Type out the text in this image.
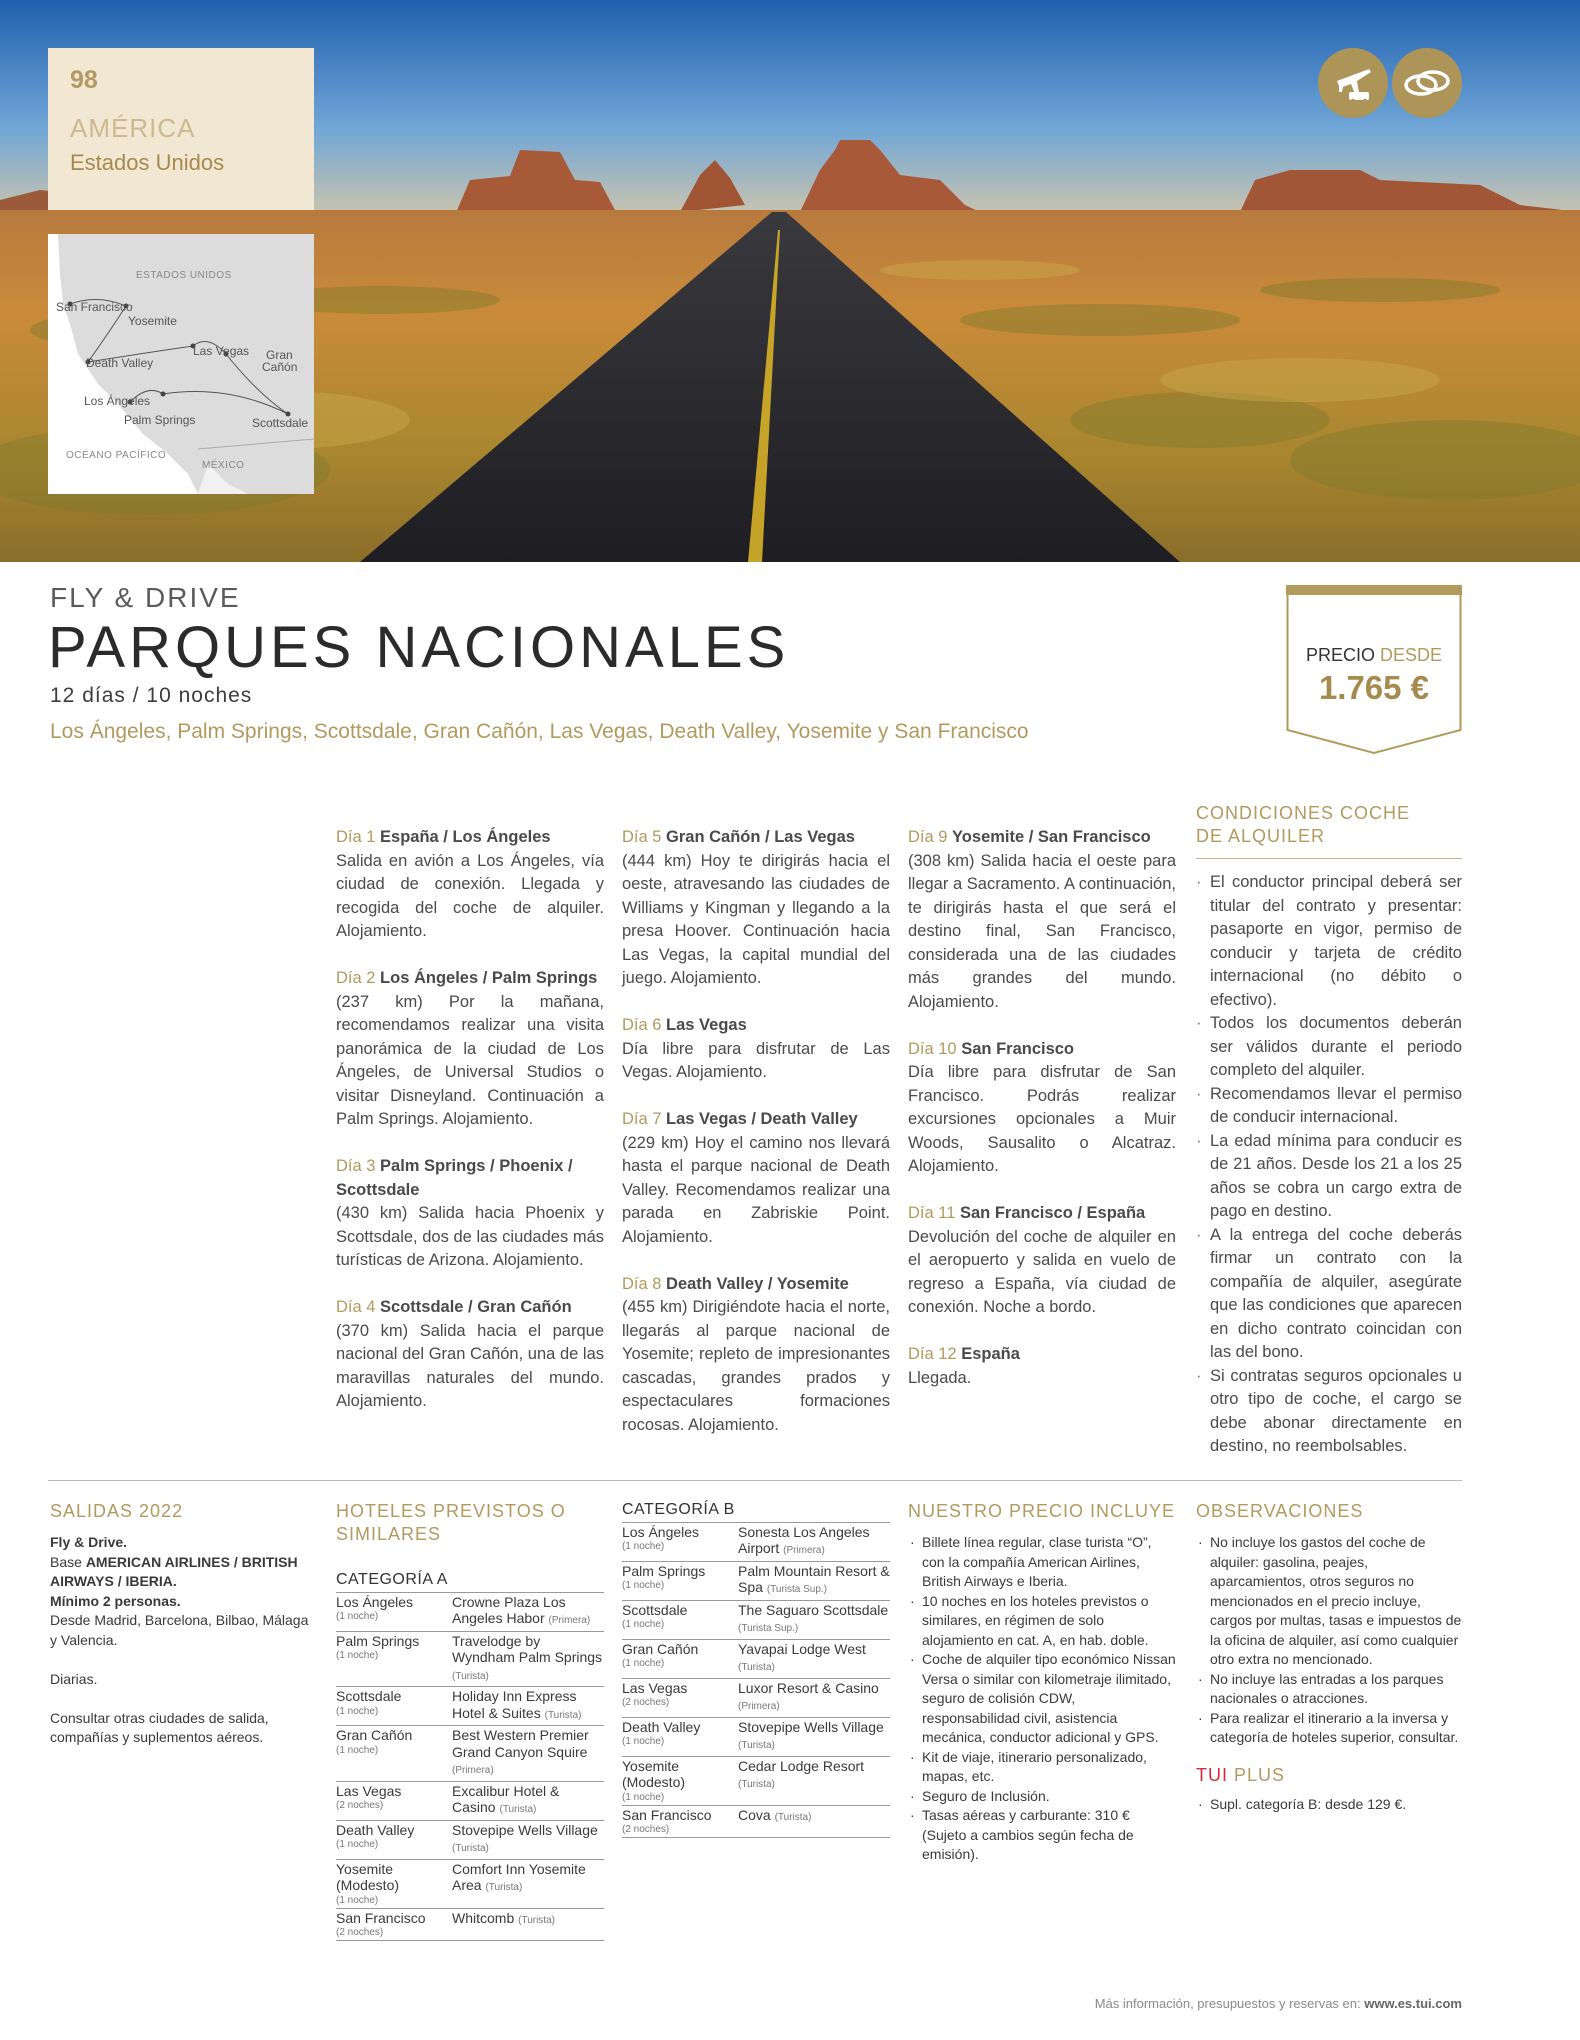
98
AMÉRICA
Estados Unidos
ESTADOS UNIDOS
San Francisco
Yosemite
Las Vegas Gran
Cañón
Death Valley
Los Ángeles
Palm Springs	Scottsdale
OCÉANO PACÍFICO
MÉXICO
FLY & DRIVE
PARQUES NACIONALES
12 días / 10 noches
Los Ángeles, Palm Springs, Scottsdale, Gran Cañón, Las Vegas, Death Valley, Yosemite y San Francisco
PRECIO DESDE
1.765 €
Día 1 España / Los Ángeles
Salida en avión a Los Ángeles, vía ciudad de conexión. Llegada y recogida del coche de alquiler. Alojamiento.
Día 2 Los Ángeles / Palm Springs
(237 km) Por la mañana, recomendamos realizar una visita panorámica de la ciudad de Los Ángeles, de Universal Studios o visitar Disneyland. Continuación a Palm Springs. Alojamiento.
Día 3 Palm Springs / Phoenix / Scottsdale
(430 km) Salida hacia Phoenix y Scottsdale, dos de las ciudades más turísticas de Arizona. Alojamiento.
Día 4 Scottsdale / Gran Cañón
(370 km) Salida hacia el parque nacional del Gran Cañón, una de las maravillas naturales del mundo. Alojamiento.
Día 5 Gran Cañón / Las Vegas
(444 km) Hoy te dirigirás hacia el oeste, atravesando las ciudades de Williams y Kingman y llegando a la presa Hoover. Continuación hacia Las Vegas, la capital mundial del juego. Alojamiento.
Día 6 Las Vegas
Día libre para disfrutar de Las Vegas. Alojamiento.
Día 7 Las Vegas / Death Valley
(229 km) Hoy el camino nos llevará hasta el parque nacional de Death Valley. Recomendamos realizar una parada en Zabriskie Point. Alojamiento.
Día 8 Death Valley / Yosemite
(455 km) Dirigiéndote hacia el norte, llegarás al parque nacional de Yosemite; repleto de impresionantes cascadas, grandes prados y espectaculares formaciones rocosas. Alojamiento.
Día 9 Yosemite / San Francisco
(308 km) Salida hacia el oeste para llegar a Sacramento. A continuación, te dirigirás hasta el que será el destino final, San Francisco, considerada una de las ciudades más grandes del mundo. Alojamiento.
Día 10 San Francisco
Día libre para disfrutar de San Francisco. Podrás realizar excursiones opcionales a Muir Woods, Sausalito o Alcatraz. Alojamiento.
Día 11 San Francisco / España
Devolución del coche de alquiler en el aeropuerto y salida en vuelo de regreso a España, vía ciudad de conexión. Noche a bordo.
Día 12 España
Llegada.
CONDICIONES COCHE
DE ALQUILER
· El conductor principal deberá ser titular del contrato y presentar: pasaporte en vigor, permiso de conducir y tarjeta de crédito internacional (no débito o efectivo).
· Todos los documentos deberán ser válidos durante el periodo completo del alquiler.
· Recomendamos llevar el permiso de conducir internacional.
· La edad mínima para conducir es de 21 años. Desde los 21 a los 25 años se cobra un cargo extra de pago en destino.
· A la entrega del coche deberás firmar un contrato con la compañía de alquiler, asegúrate que las condiciones que aparecen en dicho contrato coincidan con las del bono.
· Si contratas seguros opcionales u otro tipo de coche, el cargo se debe abonar directamente en destino, no reembolsables.
SALIDAS 2022

Fly & Drive.

Base AMERICAN AIRLINES / BRITISH AIRWAYS / IBERIA.

Mínimo 2 personas.

Desde Madrid, Barcelona, Bilbao, Málaga y Valencia.

Diarias.

Consultar otras ciudades de salida, compañías y suplementos aéreos.

HOTELES PREVISTOS O
SIMILARES
CATEGORÍA A
Los Ángeles
(1 noche)	Crowne Plaza Los Angeles Habor (Primera)
Palm Springs
(1 noche)	Travelodge by Wyndham Palm Springs (Turista)
Scottsdale
(1 noche)	Holiday Inn Express Hotel & Suites (Turista)
Gran Cañón
(1 noche)	Best Western Premier Grand Canyon Squire (Primera)
Las Vegas
(2 noches)	Excalibur Hotel & Casino (Turista)
Death Valley
(1 noche)	Stovepipe Wells Village (Turista)
Yosemite (Modesto)
(1 noche)	Comfort Inn Yosemite Area (Turista)
San Francisco
(2 noches)	Whitcomb (Turista)
CATEGORÍA B
Los Ángeles
(1 noche)	Sonesta Los Angeles Airport (Primera)
Palm Springs
(1 noche)	Palm Mountain Resort & Spa (Turista Sup.)
Scottsdale
(1 noche)	The Saguaro Scottsdale (Turista Sup.)
Gran Cañón
(1 noche)	Yavapai Lodge West (Turista)
Las Vegas
(2 noches)	Luxor Resort & Casino (Primera)
Death Valley
(1 noche)	Stovepipe Wells Village (Turista)
Yosemite (Modesto)
(1 noche)	Cedar Lodge Resort (Turista)
San Francisco
(2 noches)	Cova (Turista)
NUESTRO PRECIO INCLUYE
· Billete línea regular, clase turista “O”, con la compañía American Airlines, British Airways e Iberia.
· 10 noches en los hoteles previstos o similares, en régimen de solo alojamiento en cat. A, en hab. doble.
· Coche de alquiler tipo económico Nissan Versa o similar con kilometraje ilimitado, seguro de colisión CDW, responsabilidad civil, asistencia mecánica, conductor adicional y GPS.
· Kit de viaje, itinerario personalizado, mapas, etc.
· Seguro de Inclusión.
· Tasas aéreas y carburante: 310 € (Sujeto a cambios según fecha de emisión).
OBSERVACIONES
· No incluye los gastos del coche de alquiler: gasolina, peajes, aparcamientos, otros seguros no mencionados en el precio incluye, cargos por multas, tasas e impuestos de la oficina de alquiler, así como cualquier otro extra no mencionado.
· No incluye las entradas a los parques nacionales o atracciones.
· Para realizar el itinerario a la inversa y categoría de hoteles superior, consultar.
TUI PLUS
· Supl. categoría B: desde 129 €.
Más información, presupuestos y reservas en: www.es.tui.com
